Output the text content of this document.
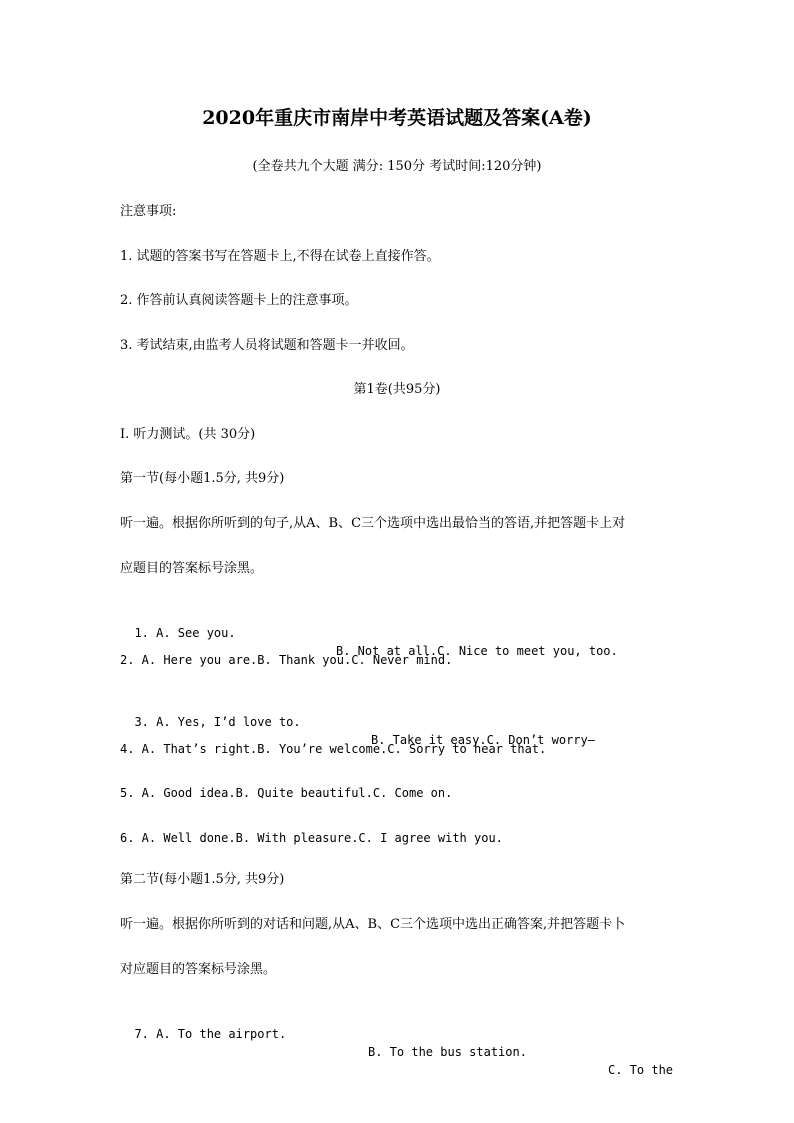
2020年重庆市南岸中考英语试题及答案(A卷)
(全卷共九个大题 满分: 150分 考试时间:120分钟)
注意事项:
1. 试题的答案书写在答题卡上,不得在试卷上直接作答。
2. 作答前认真阅读答题卡上的注意事项。
3. 考试结束,由监考人员将试题和答题卡一并收回。
第1卷(共95分)
I. 听力测试。(共 30分)
第一节(每小题1.5分, 共9分)
听一遍。根据你所听到的句子,从A、B、C三个选项中选出最恰当的答语,并把答题卡上对
应题目的答案标号涂黑。

1. A. See you.

B. Not at all.C. Nice to meet you, too.

2. A. Here you are.B. Thank you.C. Never mind.

3. A. Yes, I’d love to.

B. Take it easy.C. Don’t worry—

4. A. That’s right.B. You’re welcome.C. Sorry to hear that.
5. A. Good idea.B. Quite beautiful.C. Come on.
6. A. Well done.B. With pleasure.C. I agree with you.
第二节(每小题1.5分, 共9分)
听一遍。根据你所听到的对话和问题,从A、B、C三个选项中选出正确答案,并把答题卡卜
对应题目的答案标号涂黑。

7. A. To the airport.

B. To the bus station.

C. To the
